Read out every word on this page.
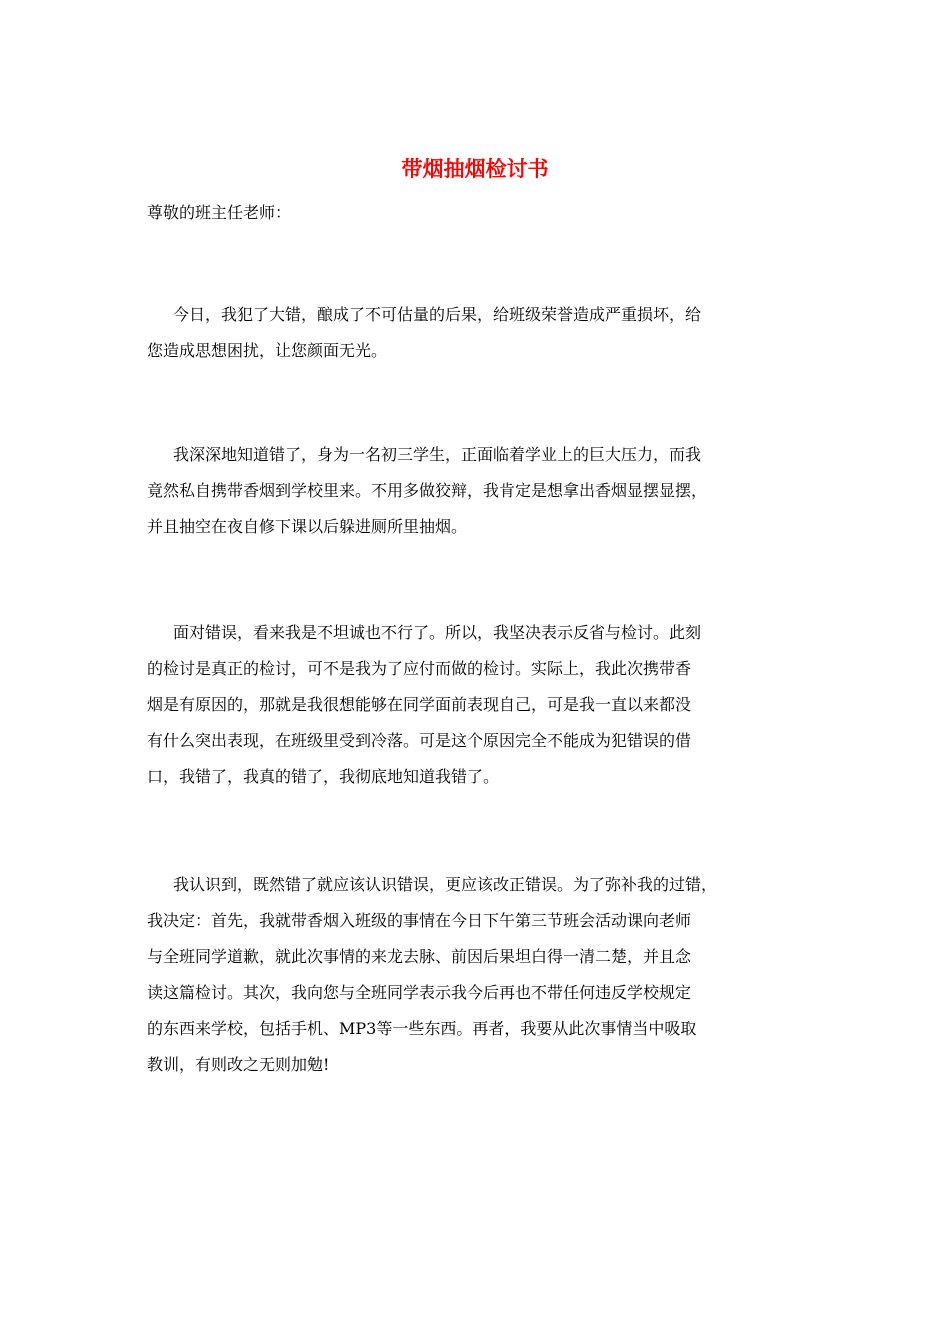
带烟抽烟检讨书
尊敬的班主任老师：
今日，我犯了大错，酿成了不可估量的后果，给班级荣誉造成严重损坏，给
您造成思想困扰，让您颜面无光。
我深深地知道错了，身为一名初三学生，正面临着学业上的巨大压力，而我
竟然私自携带香烟到学校里来。不用多做狡辩，我肯定是想拿出香烟显摆显摆，
并且抽空在夜自修下课以后躲进厕所里抽烟。
面对错误，看来我是不坦诚也不行了。所以，我坚决表示反省与检讨。此刻
的检讨是真正的检讨，可不是我为了应付而做的检讨。实际上，我此次携带香
烟是有原因的，那就是我很想能够在同学面前表现自己，可是我一直以来都没
有什么突出表现，在班级里受到冷落。可是这个原因完全不能成为犯错误的借
口，我错了，我真的错了，我彻底地知道我错了。
我认识到，既然错了就应该认识错误，更应该改正错误。为了弥补我的过错，
我决定：首先，我就带香烟入班级的事情在今日下午第三节班会活动课向老师
与全班同学道歉，就此次事情的来龙去脉、前因后果坦白得一清二楚，并且念
读这篇检讨。其次，我向您与全班同学表示我今后再也不带任何违反学校规定
的东西来学校，包括手机、MP3等一些东西。再者，我要从此次事情当中吸取
教训，有则改之无则加勉!
